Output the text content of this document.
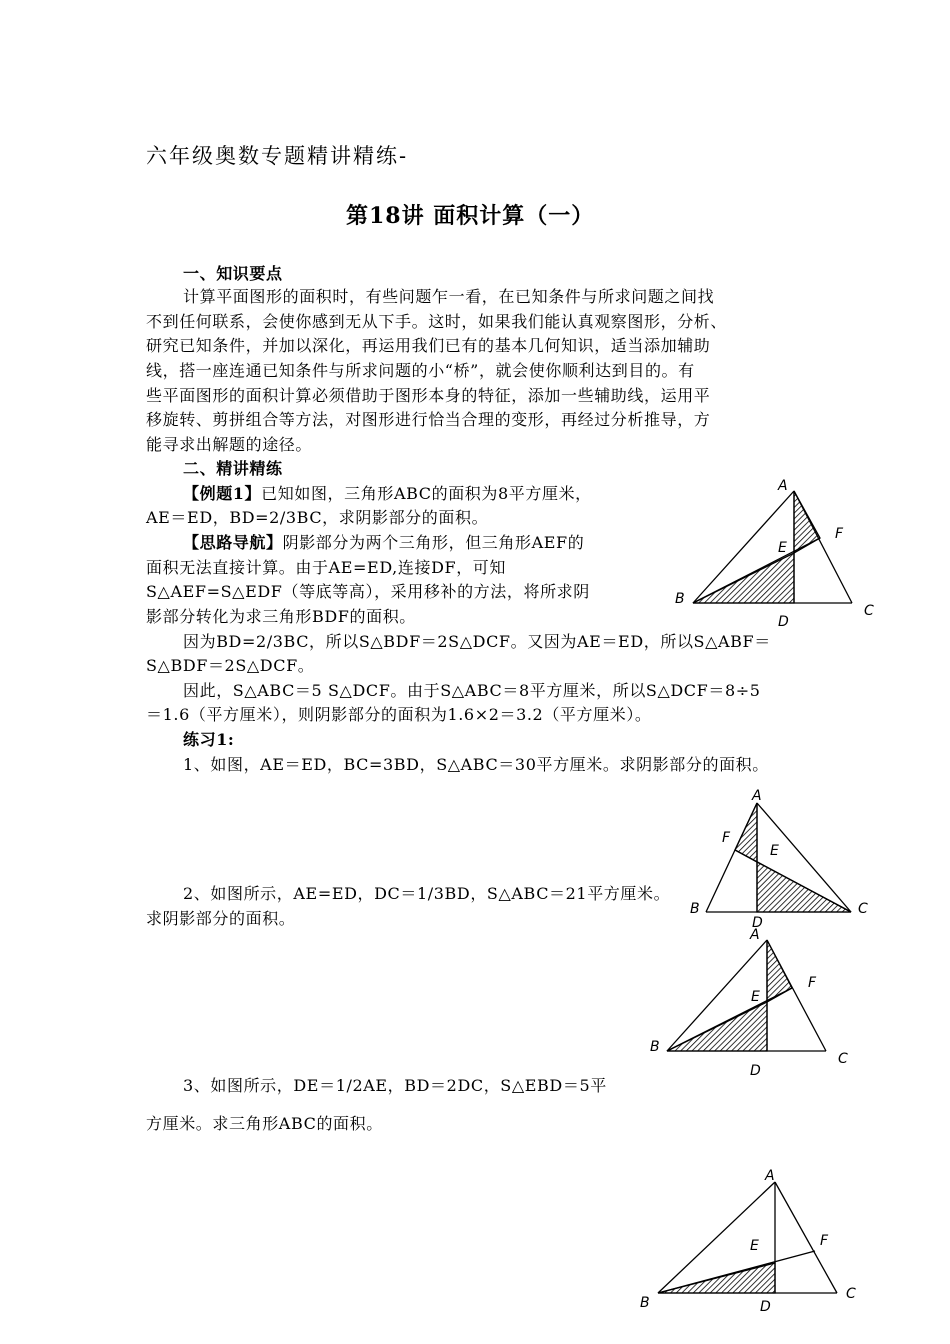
六年级奥数专题精讲精练-
第18讲 面积计算（一）
一、知识要点
计算平面图形的面积时，有些问题乍一看，在已知条件与所求问题之间找
不到任何联系，会使你感到无从下手。这时，如果我们能认真观察图形，分析、
研究已知条件，并加以深化，再运用我们已有的基本几何知识，适当添加辅助
线，搭一座连通已知条件与所求问题的小“桥”，就会使你顺利达到目的。有
些平面图形的面积计算必须借助于图形本身的特征，添加一些辅助线，运用平
移旋转、剪拼组合等方法，对图形进行恰当合理的变形，再经过分析推导，方
能寻求出解题的途径。
二、精讲精练
【例题1】已知如图，三角形ABC的面积为8平方厘米，
AE＝ED，BD=2/3BC，求阴影部分的面积。
【思路导航】阴影部分为两个三角形，但三角形AEF的
面积无法直接计算。由于AE=ED,连接DF，可知
S△AEF=S△EDF（等底等高），采用移补的方法，将所求阴
影部分转化为求三角形BDF的面积。
因为BD=2/3BC，所以S△BDF＝2S△DCF。又因为AE＝ED，所以S△ABF＝
S△BDF＝2S△DCF。
因此，S△ABC＝5 S△DCF。由于S△ABC＝8平方厘米，所以S△DCF＝8÷5
＝1.6（平方厘米），则阴影部分的面积为1.6×2＝3.2（平方厘米）。
练习1:
1、如图，AE＝ED，BC=3BD，S△ABC＝30平方厘米。求阴影部分的面积。
2、如图所示，AE=ED，DC＝1/3BD，S△ABC＝21平方厘米。
求阴影部分的面积。
3、如图所示，DE＝1/2AE，BD＝2DC，S△EBD＝5平
方厘米。求三角形ABC的面积。
A
F
E
B
C
D
A
F
E
B	C
D
A
F
E
B
C
D
A
F
E
B
C
D
